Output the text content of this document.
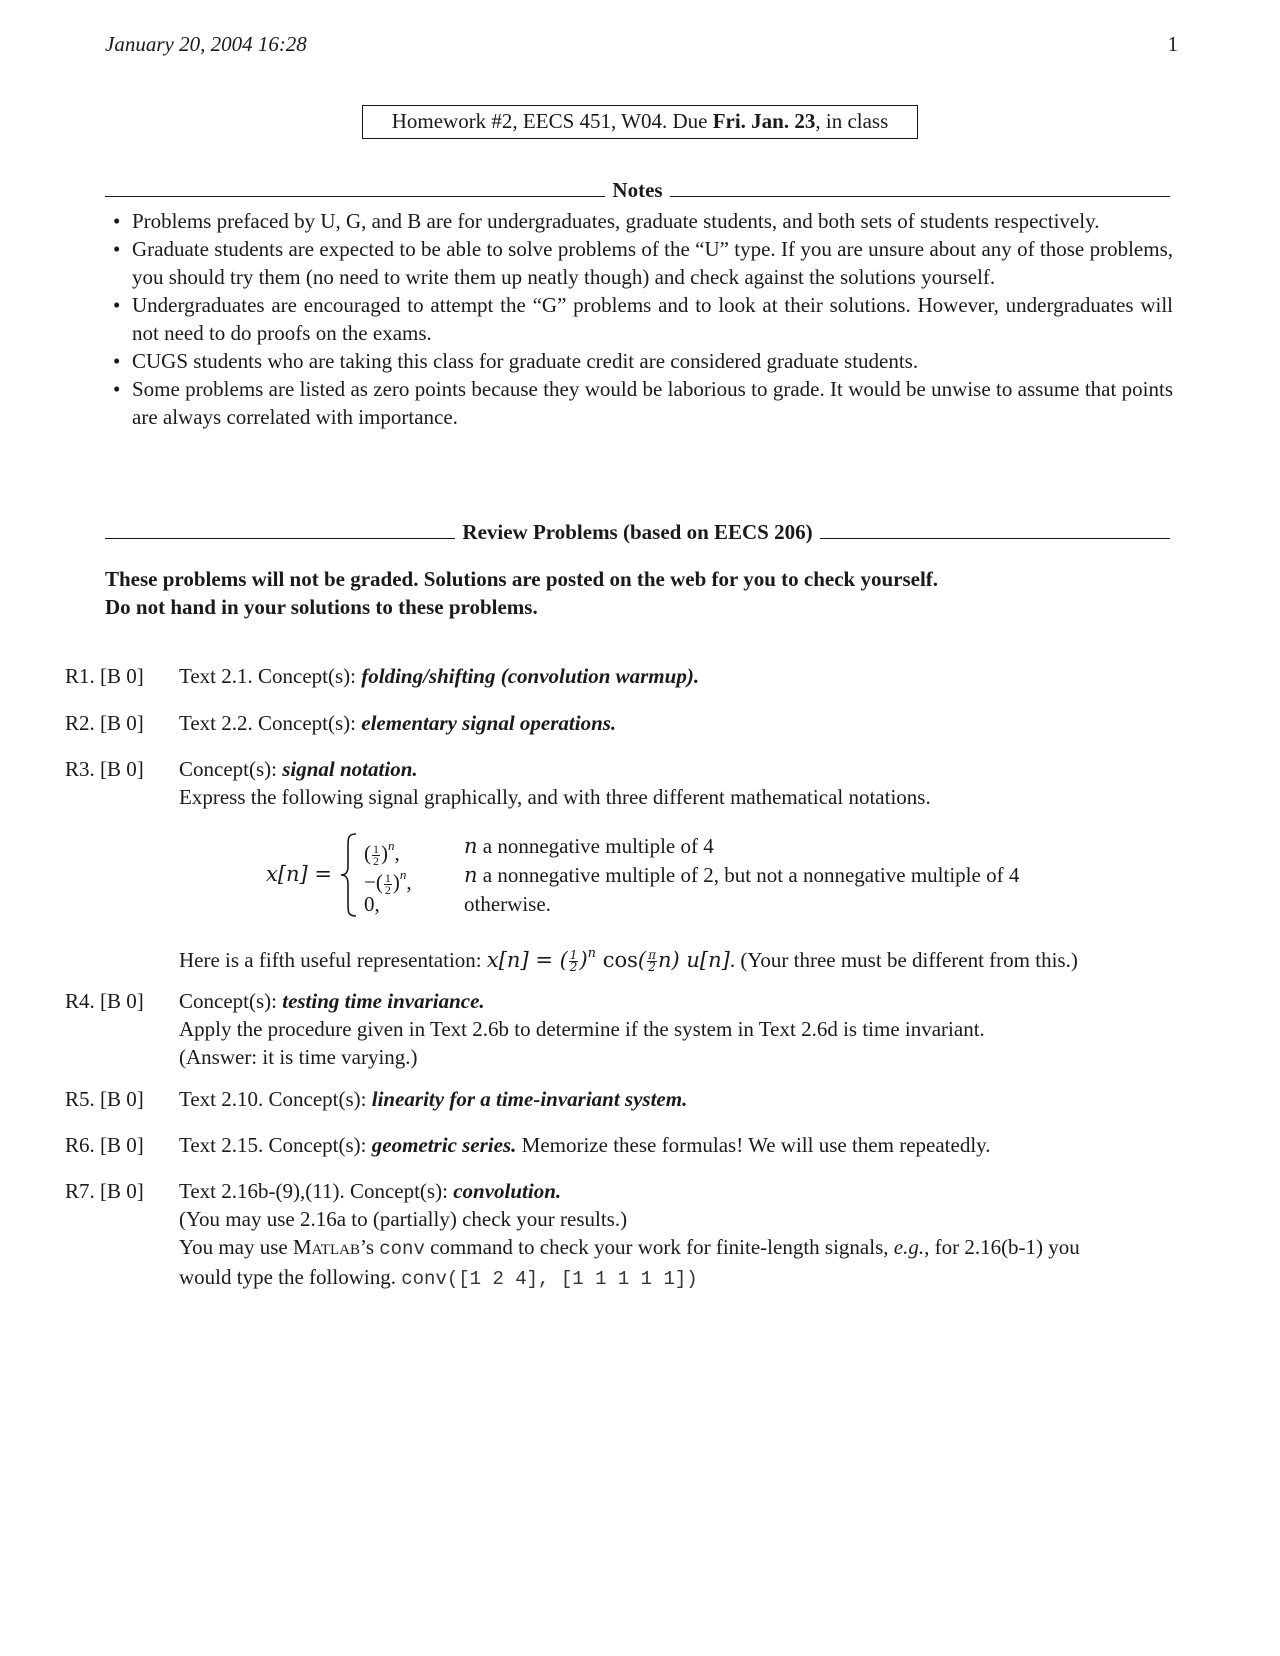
January 20, 2004 16:28	1
Homework #2, EECS 451, W04. Due Fri. Jan. 23, in class
Notes
• Problems prefaced by U, G, and B are for undergraduates, graduate students, and both sets of students respectively.
• Graduate students are expected to be able to solve problems of the “U” type. If you are unsure about any of those problems, you should try them (no need to write them up neatly though) and check against the solutions yourself.
• Undergraduates are encouraged to attempt the “G” problems and to look at their solutions. However, undergraduates will not need to do proofs on the exams.
• CUGS students who are taking this class for graduate credit are considered graduate students.
• Some problems are listed as zero points because they would be laborious to grade. It would be unwise to assume that points are always correlated with importance.
Review Problems (based on EECS 206)
These problems will not be graded. Solutions are posted on the web for you to check yourself.
Do not hand in your solutions to these problems.
R1. [B 0] Text 2.1. Concept(s): folding/shifting (convolution warmup).
R2. [B 0] Text 2.2. Concept(s): elementary signal operations.
R3. [B 0] Concept(s): signal notation.
Express the following signal graphically, and with three different mathematical notations.
x[n] =
( $\frac{1}{2} )^n$,
−( $\frac{1}{2} )^n$,
0,
n a nonnegative multiple of 4
n a nonnegative multiple of 2, but not a nonnegative multiple of 4
otherwise.
Here is a fifth useful representation: x[n] = ( $\frac{1}{2} )^n$ $\cos( \frac{\pi}{2} n)$ u[n]. (Your three must be different from this.)
R4. [B 0] Concept(s): testing time invariance.
Apply the procedure given in Text 2.6b to determine if the system in Text 2.6d is time invariant.
(Answer: it is time varying.)
R5. [B 0] Text 2.10. Concept(s): linearity for a time-invariant system.
R6. [B 0] Text 2.15. Concept(s): geometric series. Memorize these formulas! We will use them repeatedly.
R7. [B 0] Text 2.16b-(9),(11). Concept(s): convolution.
(You may use 2.16a to (partially) check your results.)
You may use Matlab’s conv command to check your work for finite-length signals, e.g., for 2.16(b-1) you
would type the following. conv([1 2 4], [1 1 1 1 1])
